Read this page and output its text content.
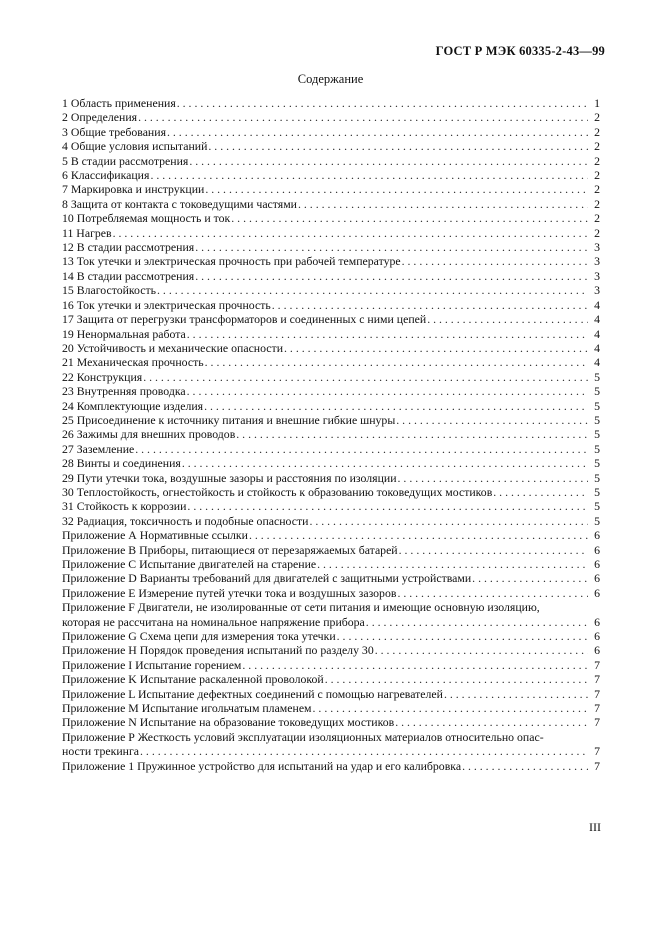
ГОСТ Р МЭК 60335-2-43—99
Содержание
1 Область применения . . .	1
2 Определения . . .	2
3 Общие требования . . .	2
4 Общие условия испытаний . . .	2
5 В стадии рассмотрения . . .	2
6 Классификация . . .	2
7 Маркировка и инструкции . . .	2
8 Защита от контакта с токоведущими частями . . .	2
10 Потребляемая мощность и ток . . .	2
11 Нагрев . . .	2
12 В стадии рассмотрения . . .	3
13 Ток утечки и электрическая прочность при рабочей температуре . . .	3
14 В стадии рассмотрения . . .	3
15 Влагостойкость . . .	3
16 Ток утечки и электрическая прочность . . .	4
17 Защита от перегрузки трансформаторов и соединенных с ними цепей . . .	4
19 Ненормальная работа . . .	4
20 Устойчивость и механические опасности . . .	4
21 Механическая прочность . . .	4
22 Конструкция . . .	5
23 Внутренняя проводка . . .	5
24 Комплектующие изделия . . .	5
25 Присоединение к источнику питания и внешние гибкие шнуры . . .	5
26 Зажимы для внешних проводов . . .	5
27 Заземление . . .	5
28 Винты и соединения . . .	5
29 Пути утечки тока, воздушные зазоры и расстояния по изоляции . . .	5
30 Теплостойкость, огнестойкость и стойкость к образованию токоведущих мостиков . . .	5
31 Стойкость к коррозии . . .	5
32 Радиация, токсичность и подобные опасности . . .	5
Приложение А Нормативные ссылки . . .	6
Приложение В Приборы, питающиеся от перезаряжаемых батарей . . .	6
Приложение С Испытание двигателей на старение . . .	6
Приложение D Варианты требований для двигателей с защитными устройствами . . .	6
Приложение Е Измерение путей утечки тока и воздушных зазоров . . .	6
Приложение F Двигатели, не изолированные от сети питания и имеющие основную изоляцию,
которая не рассчитана на номинальное напряжение прибора . . .	6
Приложение G Схема цепи для измерения тока утечки . . .	6
Приложение Н Порядок проведения испытаний по разделу 30 . . .	6
Приложение I Испытание горением . . .	7
Приложение K Испытание раскаленной проволокой . . .	7
Приложение L Испытание дефектных соединений с помощью нагревателей . . .	7
Приложение М Испытание игольчатым пламенем . . .	7
Приложение N Испытание на образование токоведущих мостиков . . .	7
Приложение Р Жесткость условий эксплуатации изоляционных материалов относительно опас-
ности трекинга . . .	7
Приложение 1 Пружинное устройство для испытаний на удар и его калибровка . . .	7
III
